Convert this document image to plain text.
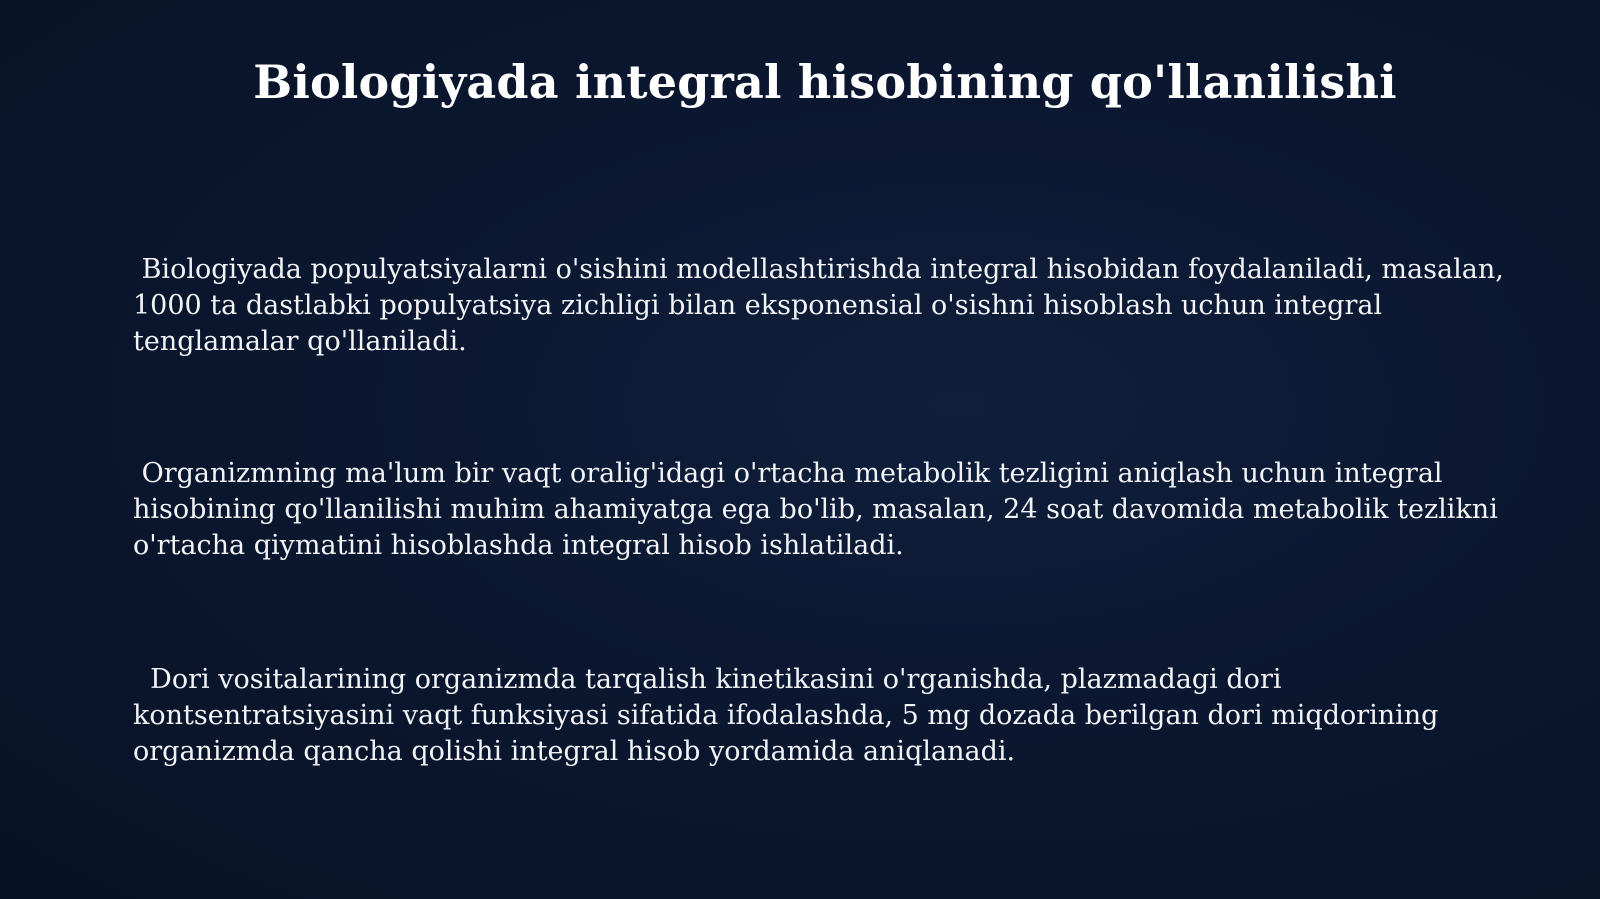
Biologiyada integral hisobining qo'llanilishi

Biologiyada populyatsiyalarni o'sishini modellashtirishda integral hisobidan foydalaniladi, masalan, 1000 ta dastlabki populyatsiya zichligi bilan eksponensial o'sishni hisoblash uchun integral tenglamalar qo'llaniladi.

Organizmning ma'lum bir vaqt oralig'idagi o'rtacha metabolik tezligini aniqlash uchun integral hisobining qo'llanilishi muhim ahamiyatga ega bo'lib, masalan, 24 soat davomida metabolik tezlikni o'rtacha qiymatini hisoblashda integral hisob ishlatiladi.

Dori vositalarining organizmda tarqalish kinetikasini o'rganishda, plazmadagi dori kontsentratsiyasini vaqt funksiyasi sifatida ifodalashda, 5 mg dozada berilgan dori miqdorining organizmda qancha qolishi integral hisob yordamida aniqlanadi.
